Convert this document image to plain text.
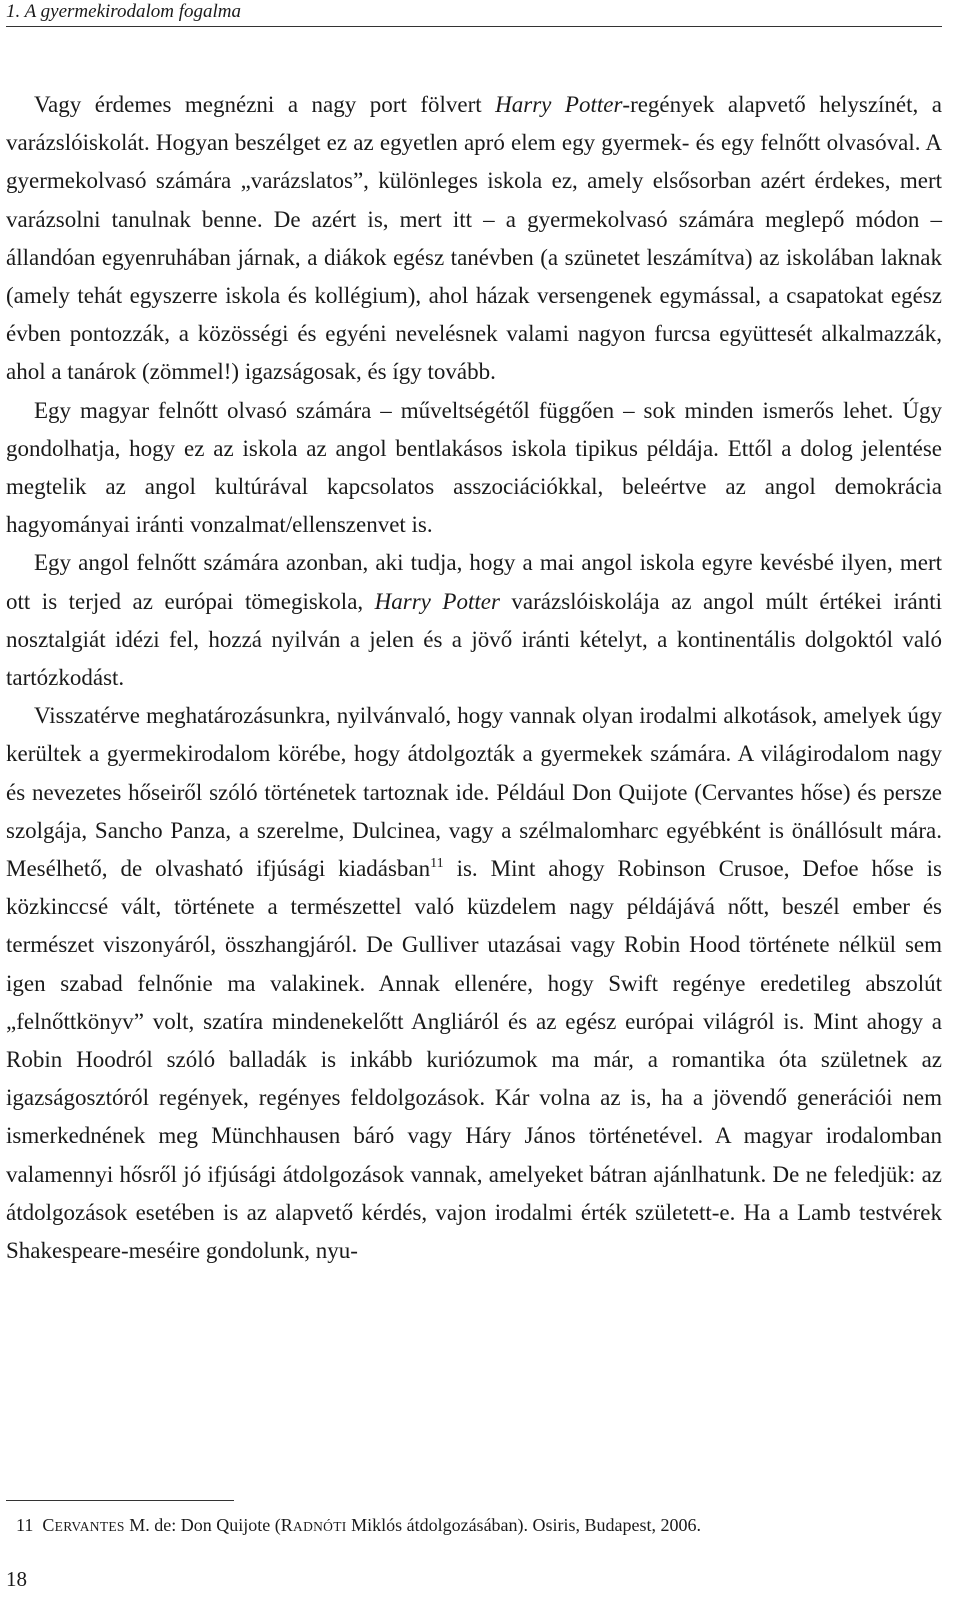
1. A gyermekirodalom fogalma

Vagy érdemes megnézni a nagy port fölvert Harry Potter-regények alapvető helyszínét, a varázslóiskolát. Hogyan beszélget ez az egyetlen apró elem egy gyermek- és egy felnőtt olvasóval. A gyermekolvasó számára „varázslatos”, különleges iskola ez, amely elsősorban azért érdekes, mert varázsolni tanulnak benne. De azért is, mert itt – a gyermekolvasó számára meglepő módon – állandóan egyenruhában járnak, a diákok egész tanévben (a szünetet leszámítva) az iskolában laknak (amely tehát egyszerre iskola és kollégium), ahol házak versengenek egymással, a csapatokat egész évben pontozzák, a közösségi és egyéni nevelésnek valami nagyon furcsa együttesét alkalmazzák, ahol a tanárok (zömmel!) igazságosak, és így tovább.

Egy magyar felnőtt olvasó számára – műveltségétől függően – sok minden ismerős lehet. Úgy gondolhatja, hogy ez az iskola az angol bentlakásos iskola tipikus példája. Ettől a dolog jelentése megtelik az angol kultúrával kapcsolatos asszociációkkal, beleértve az angol demokrácia hagyományai iránti vonzalmat/ellenszenvet is.

Egy angol felnőtt számára azonban, aki tudja, hogy a mai angol iskola egyre kevésbé ilyen, mert ott is terjed az európai tömegiskola, Harry Potter varázslóiskolája az angol múlt értékei iránti nosztalgiát idézi fel, hozzá nyilván a jelen és a jövő iránti kételyt, a kontinentális dolgoktól való tartózkodást.

Visszatérve meghatározásunkra, nyilvánvaló, hogy vannak olyan irodalmi alkotások, amelyek úgy kerültek a gyermekirodalom körébe, hogy átdolgozták a gyermekek számára. A világirodalom nagy és nevezetes hőseiről szóló történetek tartoznak ide. Például Don Quijote (Cervantes hőse) és persze szolgája, Sancho Panza, a szerelme, Dulcinea, vagy a szélmalomharc egyébként is önállósult mára. Mesélhető, de olvasható ifjúsági kiadásban$^{11}$ is. Mint ahogy Robinson Crusoe, Defoe hőse is közkinccsé vált, története a természettel való küzdelem nagy példájává nőtt, beszél ember és természet viszonyáról, összhangjáról. De Gulliver utazásai vagy Robin Hood története nélkül sem igen szabad felnőnie ma valakinek. Annak ellenére, hogy Swift regénye eredetileg abszolút „felnőttkönyv” volt, szatíra mindenekelőtt Angliáról és az egész európai világról is. Mint ahogy a Robin Hoodról szóló balladák is inkább kuriózumok ma már, a romantika óta születnek az igazságosztóról regények, regényes feldolgozások. Kár volna az is, ha a jövendő generációi nem ismerkednének meg Münchhausen báró vagy Háry János történetével. A magyar irodalomban valamennyi hősről jó ifjúsági átdolgozások vannak, amelyeket bátran ajánlhatunk. De ne feledjük: az átdolgozások esetében is az alapvető kérdés, vajon irodalmi érték született-e. Ha a Lamb testvérek Shakespeare-meséire gondolunk, nyu-

11 CERVANTES M. de: Don Quijote (RADNÓTI Miklós átdolgozásában). Osiris, Budapest, 2006.
18
